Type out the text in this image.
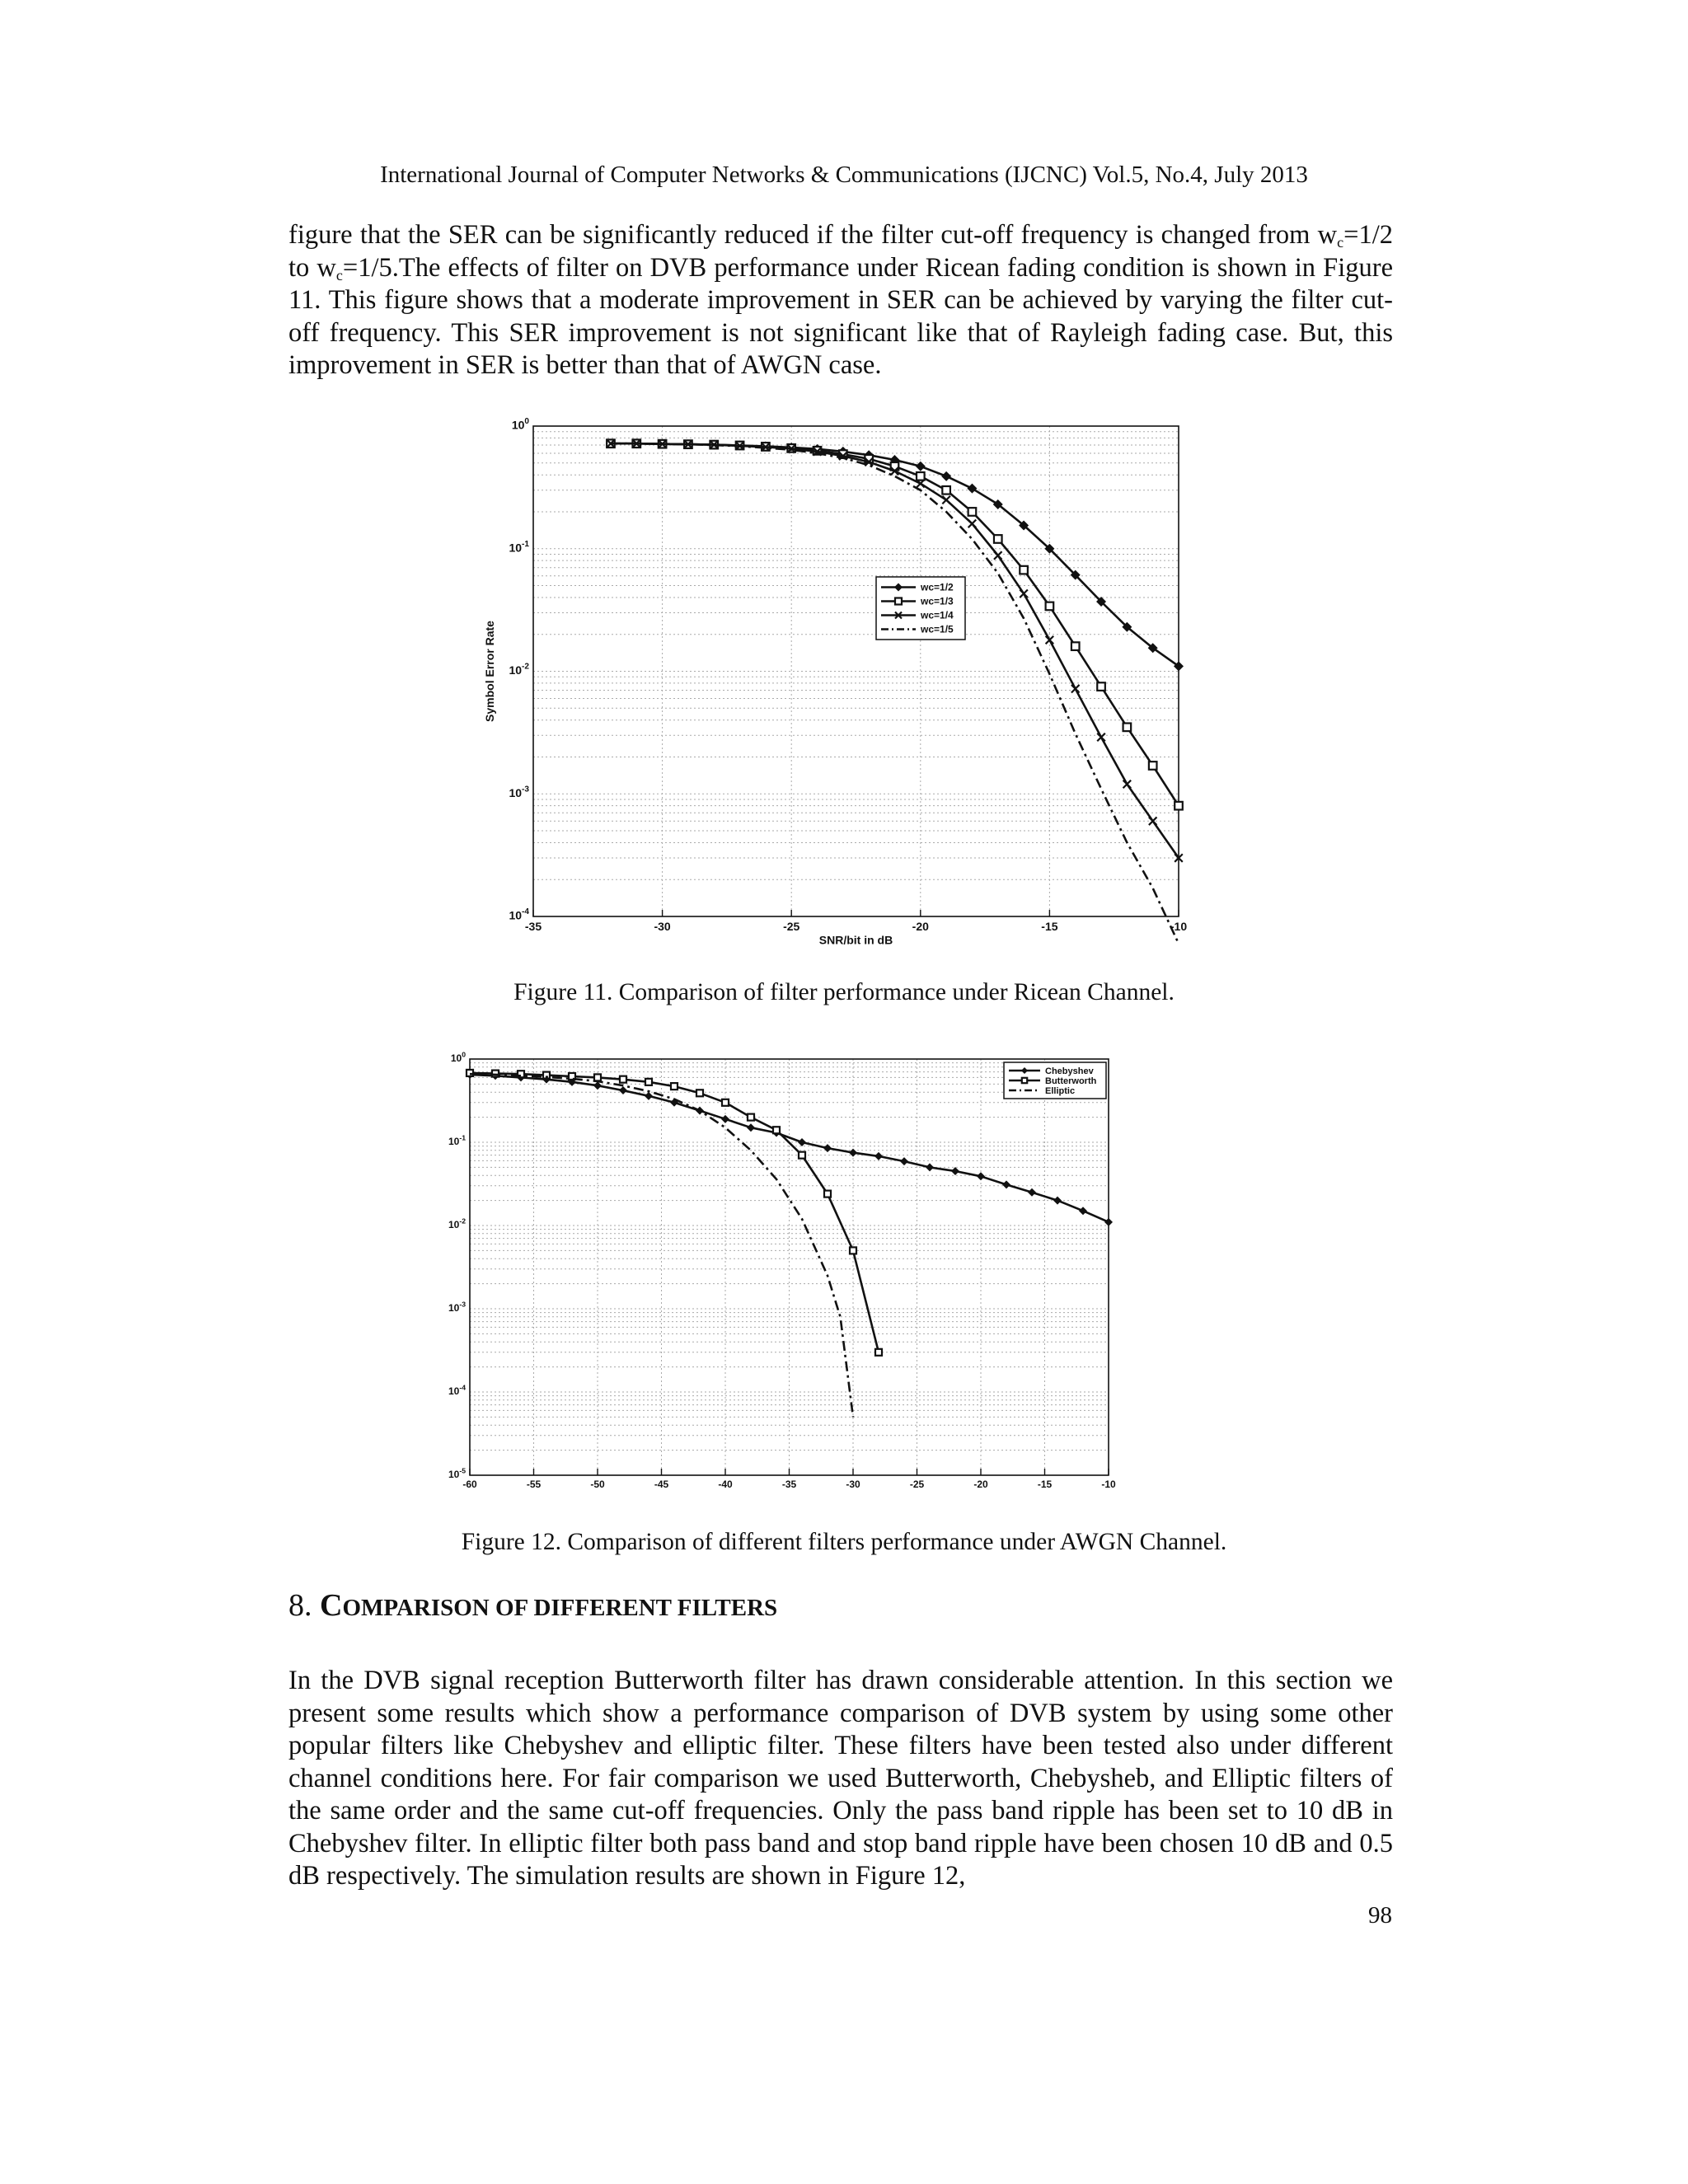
International Journal of Computer Networks & Communications (IJCNC) Vol.5, No.4, July 2013
figure that the SER can be significantly reduced if the filter cut-off frequency is changed from $w_c=1/2$ to $w_c=1/5.The$ effects of filter on DVB performance under Ricean fading condition is shown in Figure 11. This figure shows that a moderate improvement in SER can be achieved by varying the filter cut-off frequency. This SER improvement is not significant like that of Rayleigh fading case. But, this improvement in SER is better than that of AWGN case.
-35	-30	-25	-20	-15	-10
$10^0$
$10^{-1}$
$10^{-2}$
$10^{-3}$
$10^{-4}$
SNR/bit in dB
Symbol Error Rate
wc=1/2
wc=1/3
wc=1/4
wc=1/5
Figure 11. Comparison of filter performance under Ricean Channel.
-60	-55	-50	-45	-40	-35	-30	-25	-20	-15	-10
$10^0$
$10^{-1}$
$10^{-2}$
$10^{-3}$
$10^{-4}$
$10^{-5}$
Chebyshev
Butterworth
Elliptic
Figure 12. Comparison of different filters performance under AWGN Channel.
8. COMPARISON OF DIFFERENT FILTERS
In the DVB signal reception Butterworth filter has drawn considerable attention. In this section we present some results which show a performance comparison of DVB system by using some other popular filters like Chebyshev and elliptic filter. These filters have been tested also under different channel conditions here. For fair comparison we used Butterworth, Chebysheb, and Elliptic filters of the same order and the same cut-off frequencies. Only the pass band ripple has been set to 10 dB in Chebyshev filter. In elliptic filter both pass band and stop band ripple have been chosen 10 dB and 0.5 dB respectively. The simulation results are shown in Figure 12,
98
